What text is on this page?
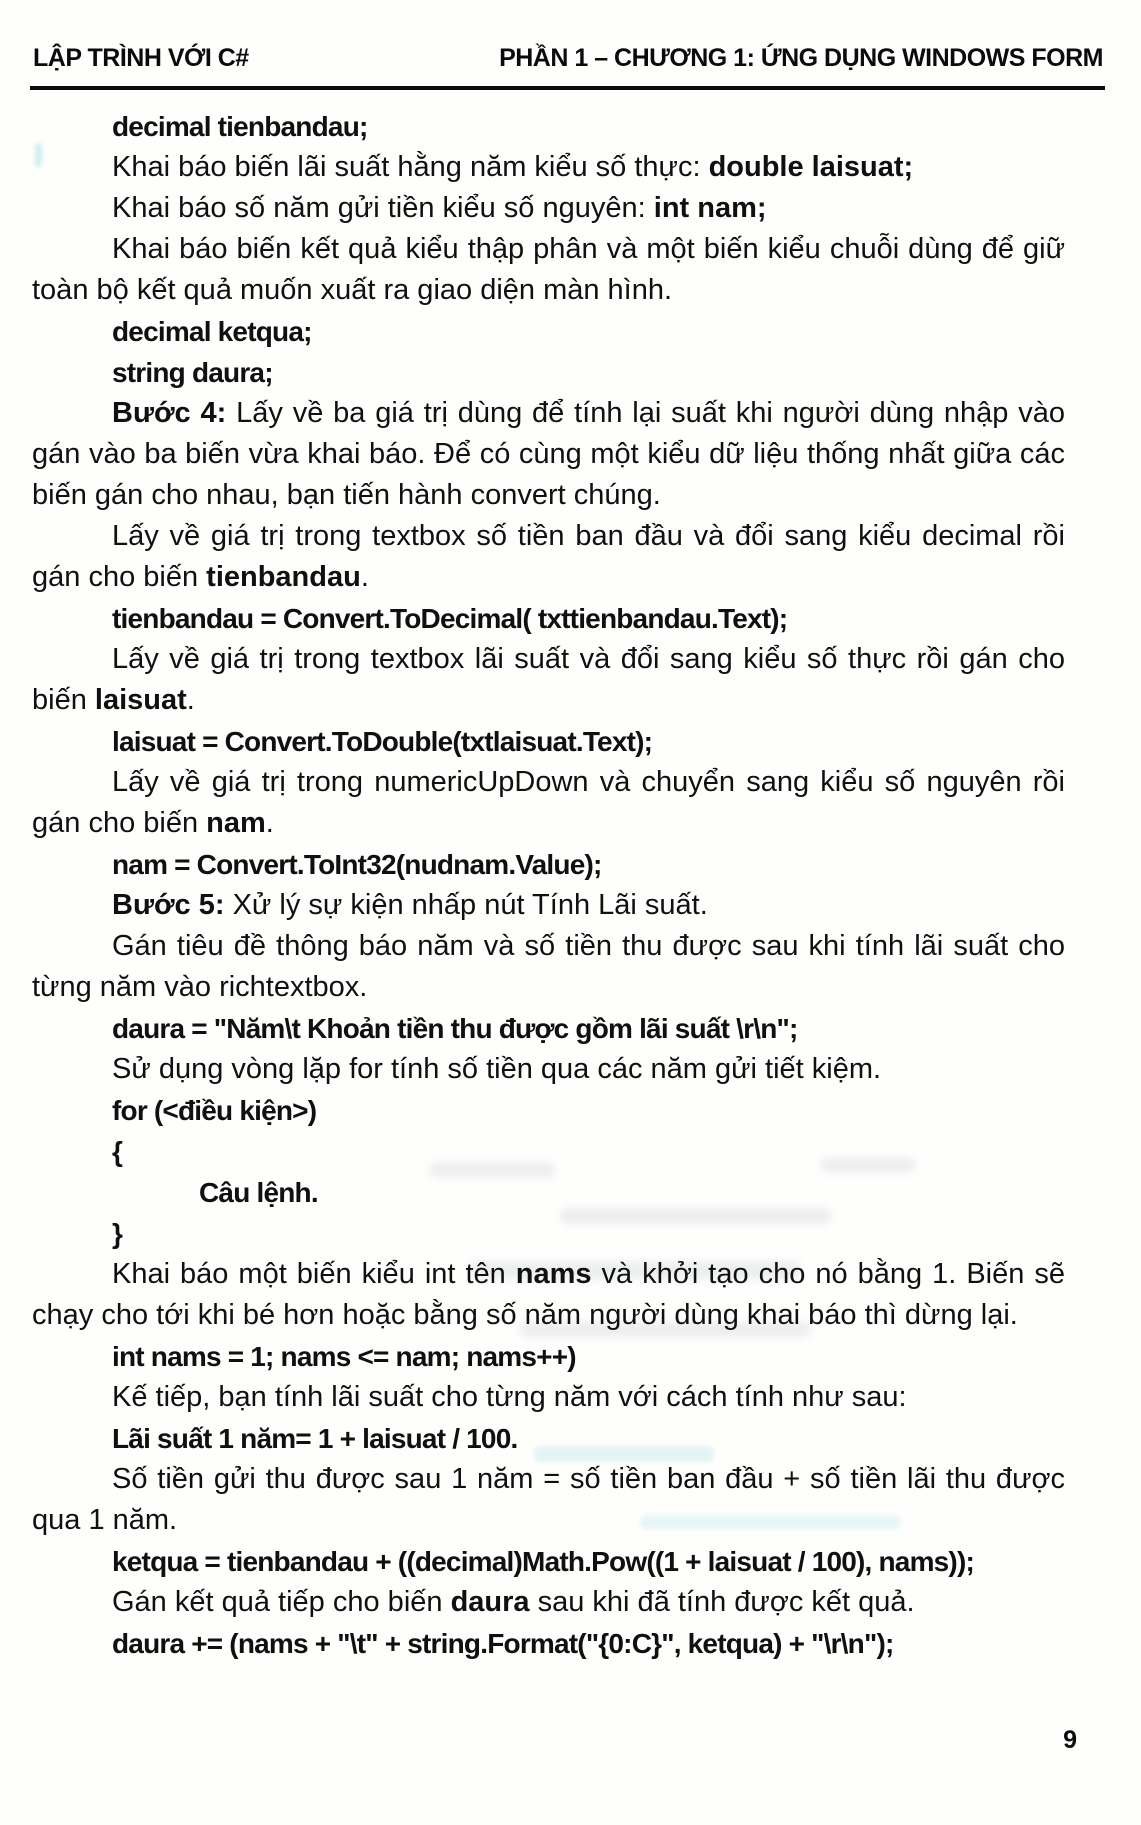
LẬP TRÌNH VỚI C#	PHẦN 1 – CHƯƠNG 1: ỨNG DỤNG WINDOWS FORM
decimal tienbandau;
Khai báo biến lãi suất hằng năm kiểu số thực: double laisuat;
Khai báo số năm gửi tiền kiểu số nguyên: int nam;
Khai báo biến kết quả kiểu thập phân và một biến kiểu chuỗi dùng để giữ toàn bộ kết quả muốn xuất ra giao diện màn hình.
decimal ketqua;
string daura;
Bước 4: Lấy về ba giá trị dùng để tính lại suất khi người dùng nhập vào gán vào ba biến vừa khai báo. Để có cùng một kiểu dữ liệu thống nhất giữa các biến gán cho nhau, bạn tiến hành convert chúng.
Lấy về giá trị trong textbox số tiền ban đầu và đổi sang kiểu decimal rồi gán cho biến tienbandau.
tienbandau = Convert.ToDecimal( txttienbandau.Text);
Lấy về giá trị trong textbox lãi suất và đổi sang kiểu số thực rồi gán cho biến laisuat.
laisuat = Convert.ToDouble(txtlaisuat.Text);
Lấy về giá trị trong numericUpDown và chuyển sang kiểu số nguyên rồi gán cho biến nam.
nam = Convert.ToInt32(nudnam.Value);
Bước 5: Xử lý sự kiện nhấp nút Tính Lãi suất.
Gán tiêu đề thông báo năm và số tiền thu được sau khi tính lãi suất cho từng năm vào richtextbox.
daura = "Năm\t Khoản tiền thu được gồm lãi suất \r\n";
Sử dụng vòng lặp for tính số tiền qua các năm gửi tiết kiệm.
for (<điều kiện>)
{
Câu lệnh.
}
Khai báo một biến kiểu int tên nams và khởi tạo cho nó bằng 1. Biến sẽ chạy cho tới khi bé hơn hoặc bằng số năm người dùng khai báo thì dừng lại.
int nams = 1; nams <= nam; nams++)
Kế tiếp, bạn tính lãi suất cho từng năm với cách tính như sau:
Lãi suất 1 năm= 1 + laisuat / 100.
Số tiền gửi thu được sau 1 năm = số tiền ban đầu + số tiền lãi thu được qua 1 năm.
ketqua = tienbandau + ((decimal)Math.Pow((1 + laisuat / 100), nams));
Gán kết quả tiếp cho biến daura sau khi đã tính được kết quả.
daura += (nams + "\t" + string.Format("{0:C}", ketqua) + "\r\n");
9
